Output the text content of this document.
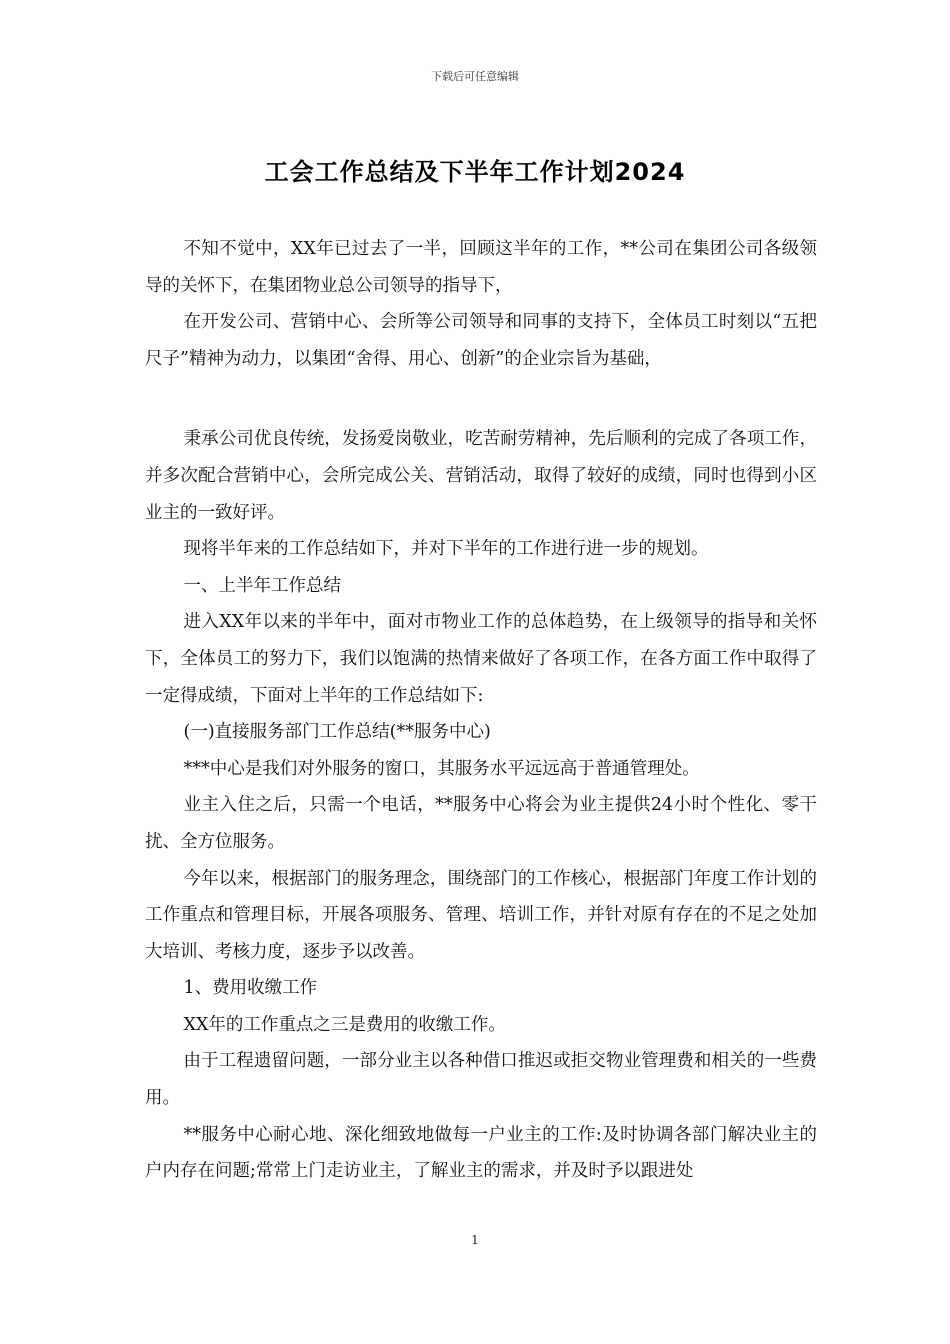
下载后可任意编辑
工会工作总结及下半年工作计划2024

不知不觉中，XX年已过去了一半，回顾这半年的工作，**公司在集团公司各级领导的关怀下，在集团物业总公司领导的指导下，

在开发公司、营销中心、会所等公司领导和同事的支持下，全体员工时刻以“五把尺子”精神为动力，以集团“舍得、用心、创新”的企业宗旨为基础，

秉承公司优良传统，发扬爱岗敬业，吃苦耐劳精神，先后顺利的完成了各项工作，并多次配合营销中心，会所完成公关、营销活动，取得了较好的成绩，同时也得到小区业主的一致好评。

现将半年来的工作总结如下，并对下半年的工作进行进一步的规划。

一、上半年工作总结

进入XX年以来的半年中，面对市物业工作的总体趋势，在上级领导的指导和关怀下，全体员工的努力下，我们以饱满的热情来做好了各项工作，在各方面工作中取得了一定得成绩，下面对上半年的工作总结如下:

(一)直接服务部门工作总结(**服务中心)

***中心是我们对外服务的窗口，其服务水平远远高于普通管理处。

业主入住之后，只需一个电话，**服务中心将会为业主提供24小时个性化、零干扰、全方位服务。

今年以来，根据部门的服务理念，围绕部门的工作核心，根据部门年度工作计划的工作重点和管理目标，开展各项服务、管理、培训工作，并针对原有存在的不足之处加大培训、考核力度，逐步予以改善。

1、费用收缴工作

XX年的工作重点之三是费用的收缴工作。

由于工程遗留问题，一部分业主以各种借口推迟或拒交物业管理费和相关的一些费用。

**服务中心耐心地、深化细致地做每一户业主的工作:及时协调各部门解决业主的户内存在问题;常常上门走访业主，了解业主的需求，并及时予以跟进处

1
